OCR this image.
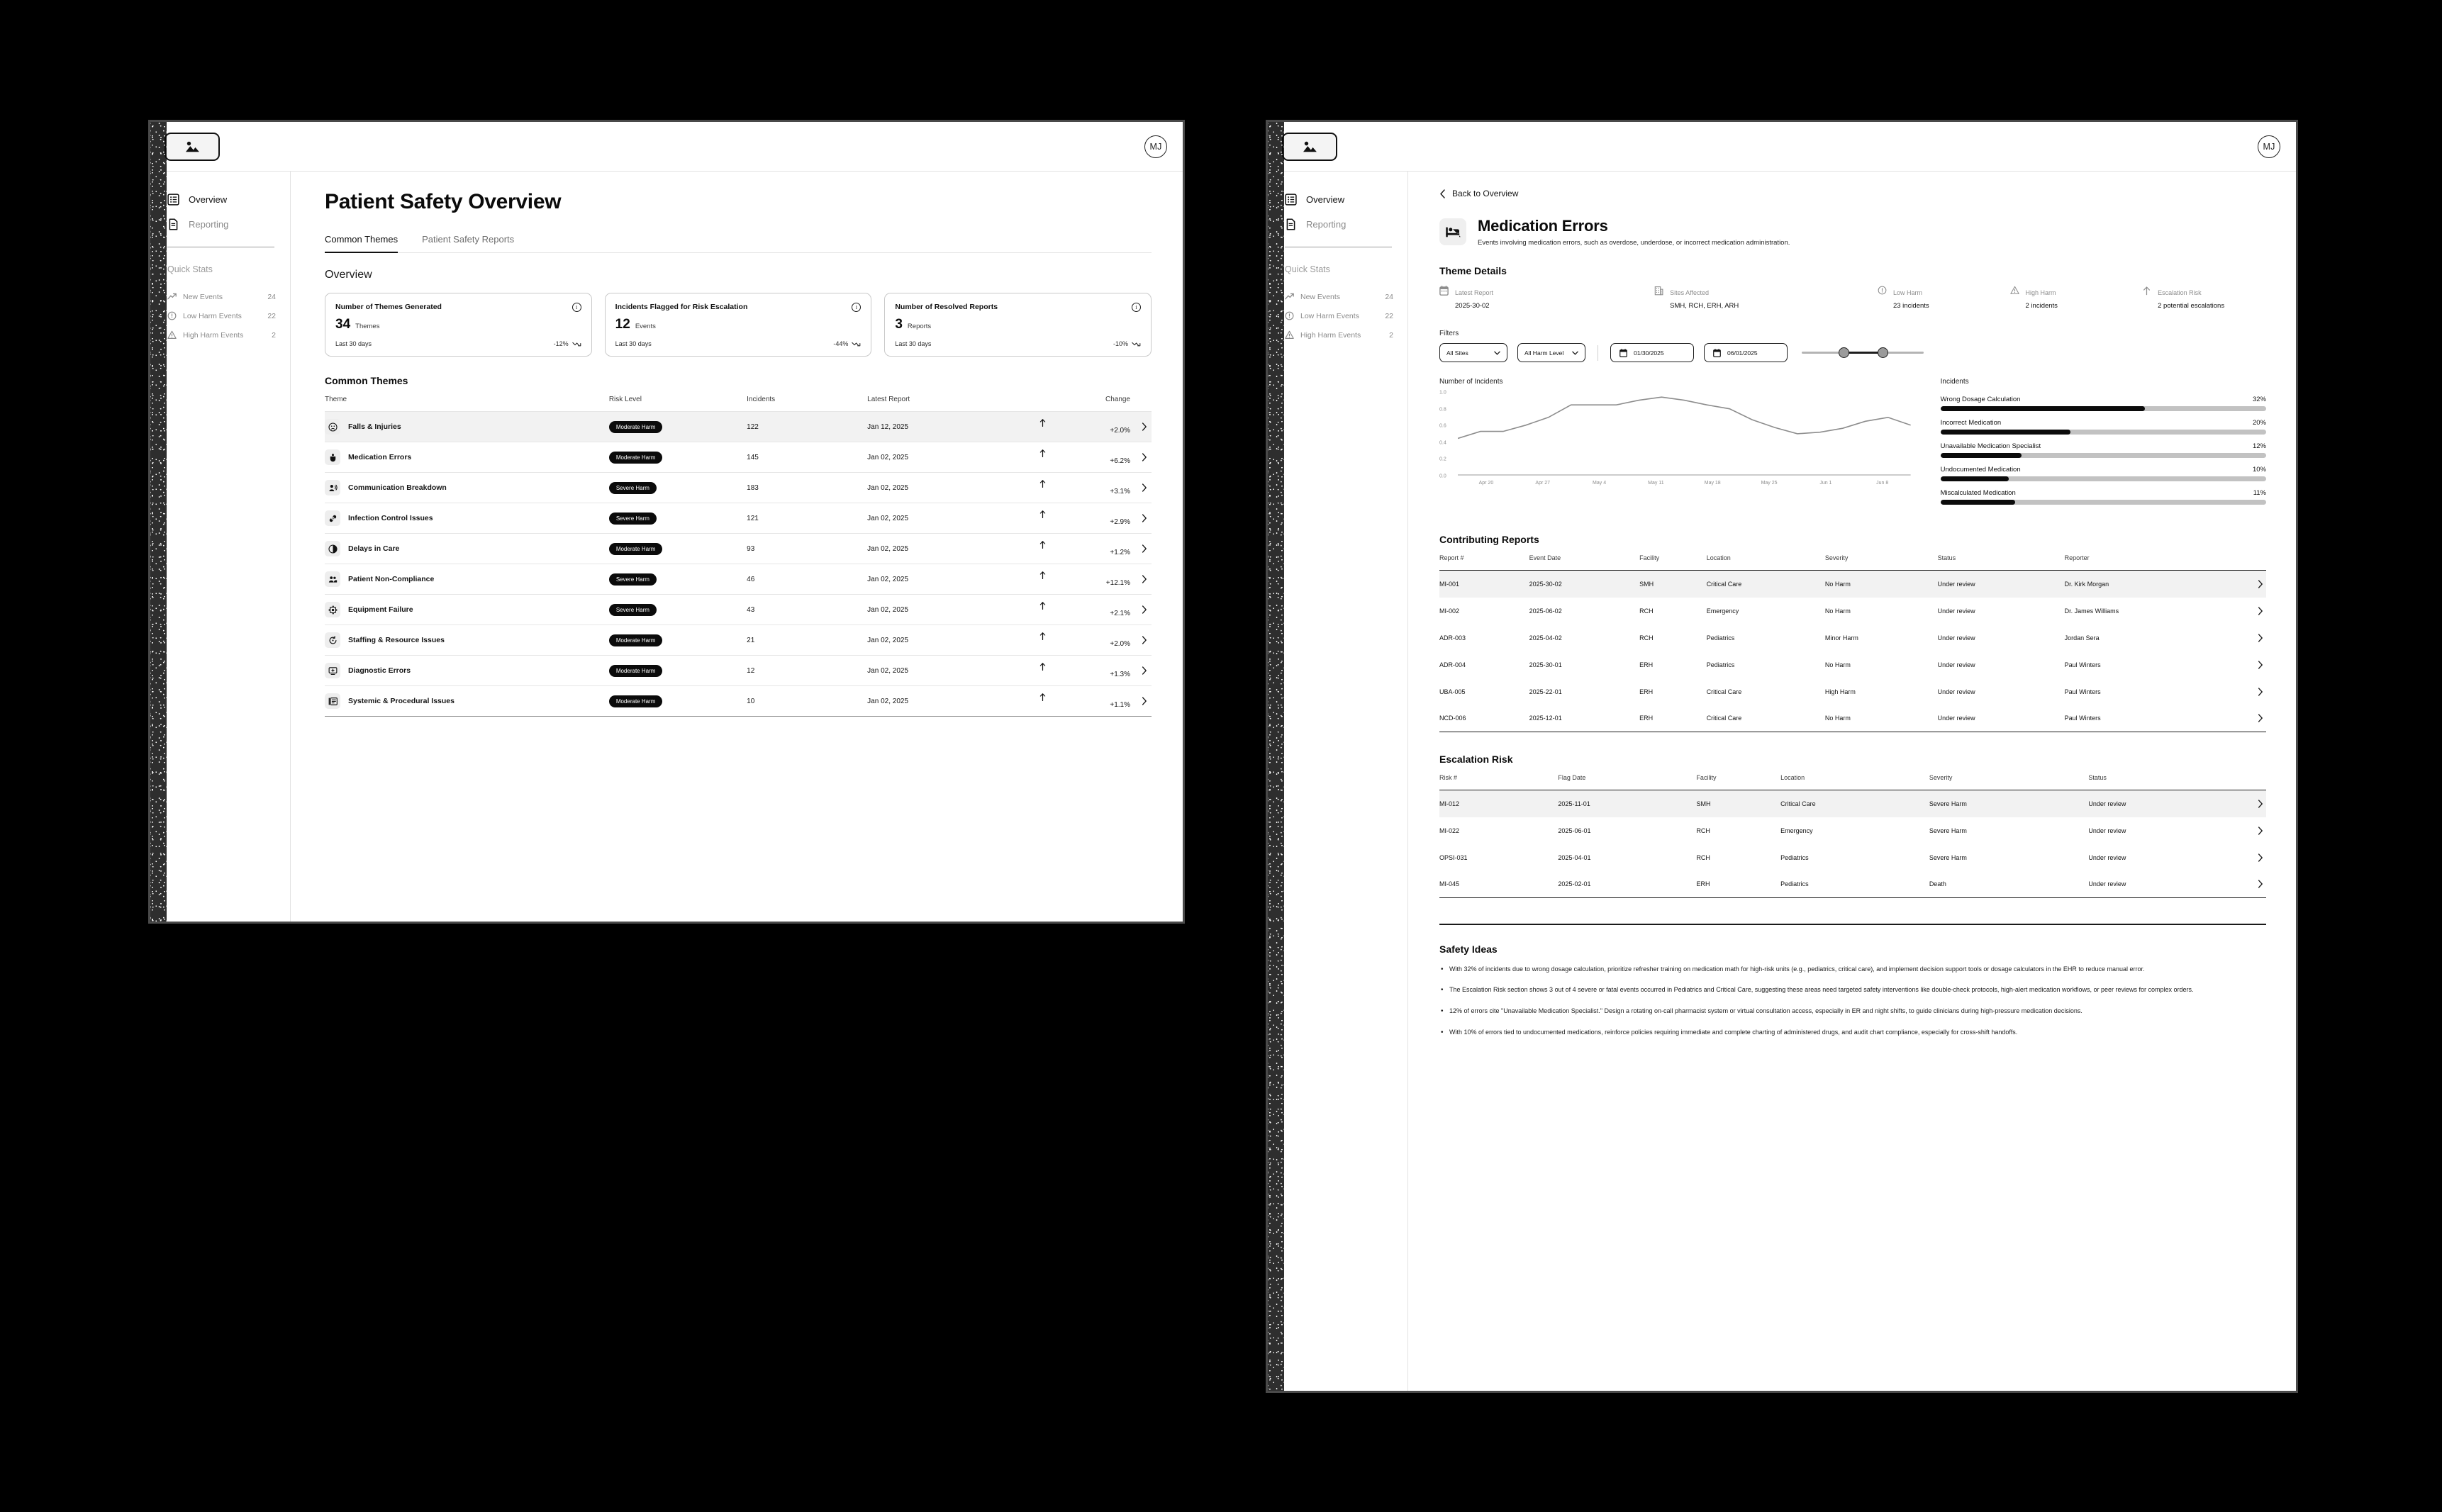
MJ
Overview
Reporting
Quick Stats
New Events	24
Low Harm Events	22
High Harm Events	2
Patient Safety Overview
Common Themes	Patient Safety Reports
Overview
Number of Themes Generated	i
34 Themes
Last 30 days	-12%
Incidents Flagged for Risk Escalation	i
12 Events
Last 30 days	-44%
Number of Resolved Reports	i
3 Reports
Last 30 days	-10%
Common Themes
Theme	Risk Level	Incidents	Latest Report	Change

Falls & Injuries	Moderate Harm	122	Jan 12, 2025	+2.0%

Medication Errors	Moderate Harm	145	Jan 02, 2025	+6.2%

Communication Breakdown	Severe Harm	183	Jan 02, 2025	+3.1%

Infection Control Issues	Severe Harm	121	Jan 02, 2025	+2.9%

Delays in Care	Moderate Harm	93	Jan 02, 2025	+1.2%

Patient Non-Compliance	Severe Harm	46	Jan 02, 2025	+12.1%

Equipment Failure	Severe Harm	43	Jan 02, 2025	+2.1%

Staffing & Resource Issues	Moderate Harm	21	Jan 02, 2025	+2.0%

Diagnostic Errors	Moderate Harm	12	Jan 02, 2025	+1.3%

Systemic & Procedural Issues	Moderate Harm	10	Jan 02, 2025	+1.1%
MJ
Overview
Reporting
Quick Stats
New Events	24
Low Harm Events	22
High Harm Events	2
Back to Overview
Medication Errors
Events involving medication errors, such as overdose, underdose, or incorrect medication administration.
Theme Details
Latest Report
2025-30-02
Sites Affected
SMH, RCH, ERH, ARH
Low Harm
23 incidents
High Harm
2 incidents
Escalation Risk
2 potential escalations
Filters
All Sites	All Harm Level	01/30/2025	06/01/2025
Number of Incidents
1.0
0.8
0.6
0.4
0.2
0.0
Apr 20	Apr 27	May 4	May 11	May 18	May 25	Jun 1	Jun 8
Incidents
Wrong Dosage Calculation	32%
Incorrect Medication	20%
Unavailable Medication Specialist	12%
Undocumented Medication	10%
Miscalculated Medication	11%
Contributing Reports
Report #	Event Date	Facility	Location	Severity	Status	Reporter	
MI-001	2025-30-02	SMH	Critical Care	No Harm	Under review	Dr. Kirk Morgan	

MI-002	2025-06-02	RCH	Emergency	No Harm	Under review	Dr. James Williams	

ADR-003	2025-04-02	RCH	Pediatrics	Minor Harm	Under review	Jordan Sera	

ADR-004	2025-30-01	ERH	Pediatrics	No Harm	Under review	Paul Winters	

UBA-005	2025-22-01	ERH	Critical Care	High Harm	Under review	Paul Winters	

NCD-006	2025-12-01	ERH	Critical Care	No Harm	Under review	Paul Winters	
Escalation Risk
Risk #	Flag Date	Facility	Location	Severity	Status	
MI-012	2025-11-01	SMH	Critical Care	Severe Harm	Under review	

MI-022	2025-06-01	RCH	Emergency	Severe Harm	Under review	

OPSI-031	2025-04-01	RCH	Pediatrics	Severe Harm	Under review	

MI-045	2025-02-01	ERH	Pediatrics	Death	Under review	
Safety Ideas
• With 32% of incidents due to wrong dosage calculation, prioritize refresher training on medication math for high-risk units (e.g., pediatrics, critical care), and implement decision support tools or dosage calculators in the EHR to reduce manual error.
• The Escalation Risk section shows 3 out of 4 severe or fatal events occurred in Pediatrics and Critical Care, suggesting these areas need targeted safety interventions like double-check protocols, high-alert medication workflows, or peer reviews for complex orders.
• 12% of errors cite "Unavailable Medication Specialist." Design a rotating on-call pharmacist system or virtual consultation access, especially in ER and night shifts, to guide clinicians during high-pressure medication decisions.
• With 10% of errors tied to undocumented medications, reinforce policies requiring immediate and complete charting of administered drugs, and audit chart compliance, especially for cross-shift handoffs.
